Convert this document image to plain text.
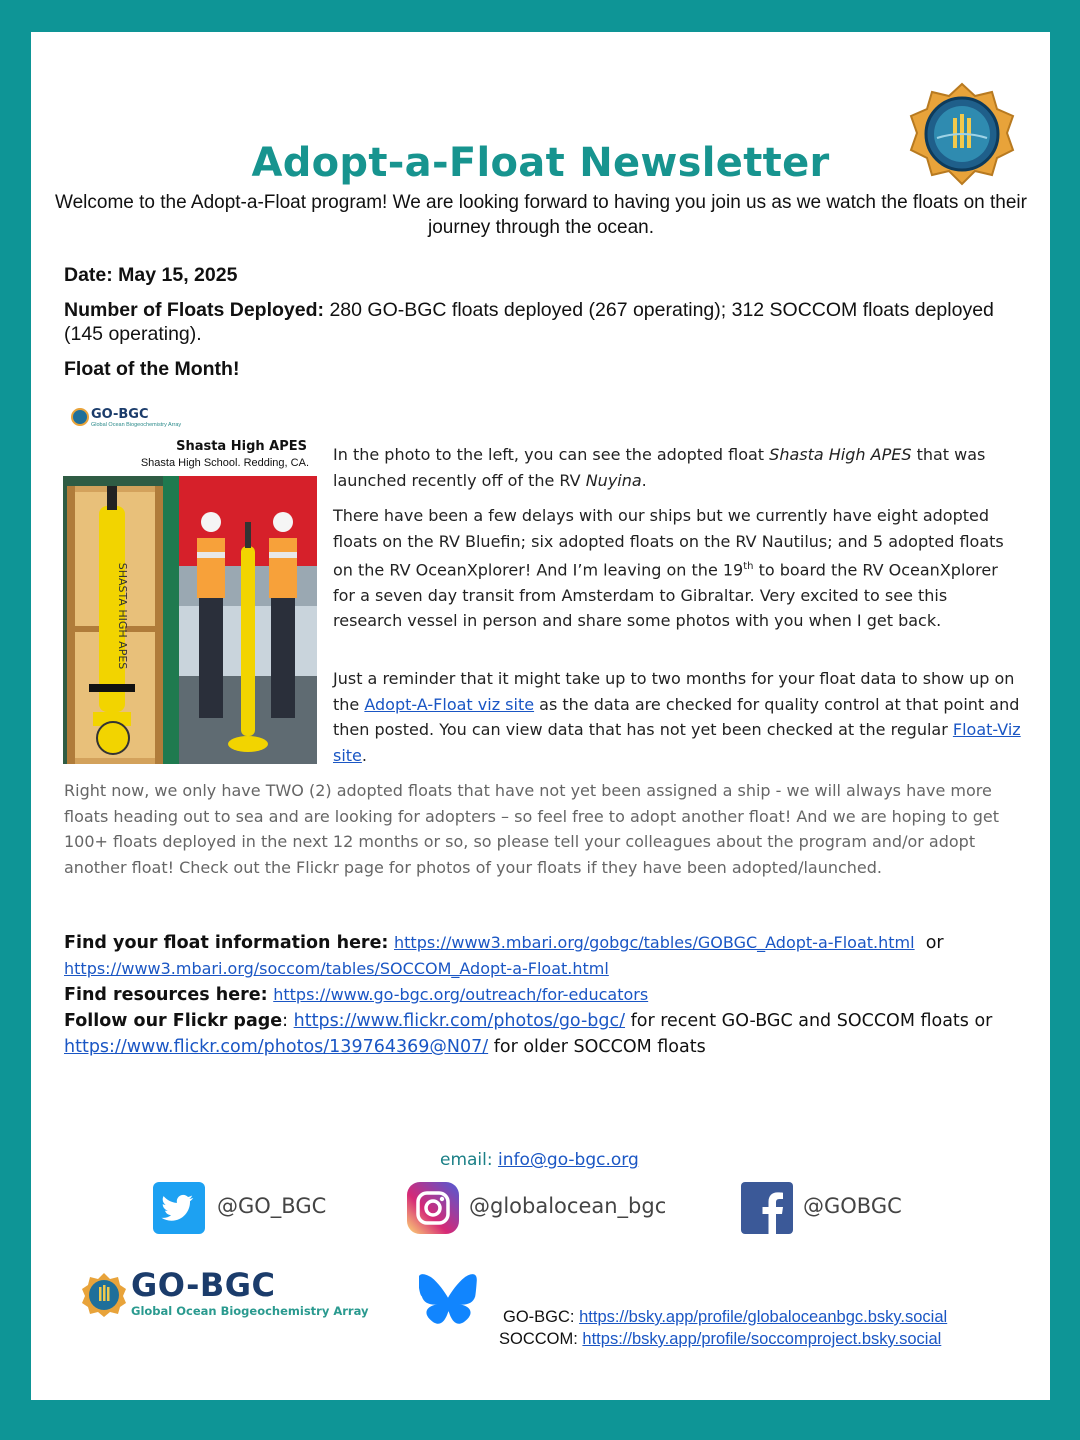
Adopt-a-Float Newsletter
Welcome to the Adopt-a-Float program! We are looking forward to having you join us as we watch the floats on their journey through the ocean.
Date: May 15, 2025
Number of Floats Deployed: 280 GO-BGC floats deployed (267 operating); 312 SOCCOM floats deployed (145 operating).
Float of the Month!
GO-BGC
Global Ocean Biogeochemistry Array
Shasta High APES
Shasta High School. Redding, CA.
SHASTA HIGH APES
In the photo to the left, you can see the adopted float Shasta High APES that was launched recently off of the RV Nuyina.
There have been a few delays with our ships but we currently have eight adopted floats on the RV Bluefin; six adopted floats on the RV Nautilus; and 5 adopted floats on the RV OceanXplorer! And I’m leaving on the 19th to board the RV OceanXplorer for a seven day transit from Amsterdam to Gibraltar. Very excited to see this research vessel in person and share some photos with you when I get back.
Just a reminder that it might take up to two months for your float data to show up on the Adopt-A-Float viz site as the data are checked for quality control at that point and then posted. You can view data that has not yet been checked at the regular Float-Viz site.
Right now, we only have TWO (2) adopted floats that have not yet been assigned a ship - we will always have more floats heading out to sea and are looking for adopters – so feel free to adopt another float! And we are hoping to get 100+ floats deployed in the next 12 months or so, so please tell your colleagues about the program and/or adopt another float! Check out the Flickr page for photos of your floats if they have been adopted/launched.
Find your float information here: https://www3.mbari.org/gobgc/tables/GOBGC_Adopt-a-Float.html or
https://www3.mbari.org/soccom/tables/SOCCOM_Adopt-a-Float.html
Find resources here: https://www.go-bgc.org/outreach/for-educators
Follow our Flickr page: https://www.flickr.com/photos/go-bgc/ for recent GO-BGC and SOCCOM floats or https://www.flickr.com/photos/139764369@N07/ for older SOCCOM floats
email: info@go-bgc.org
@GO_BGC	@globalocean_bgc	@GOBGC
GO-BGC
Global Ocean Biogeochemistry Array	GO-BGC: https://bsky.app/profile/globaloceanbgc.bsky.social
SOCCOM: https://bsky.app/profile/soccomproject.bsky.social
